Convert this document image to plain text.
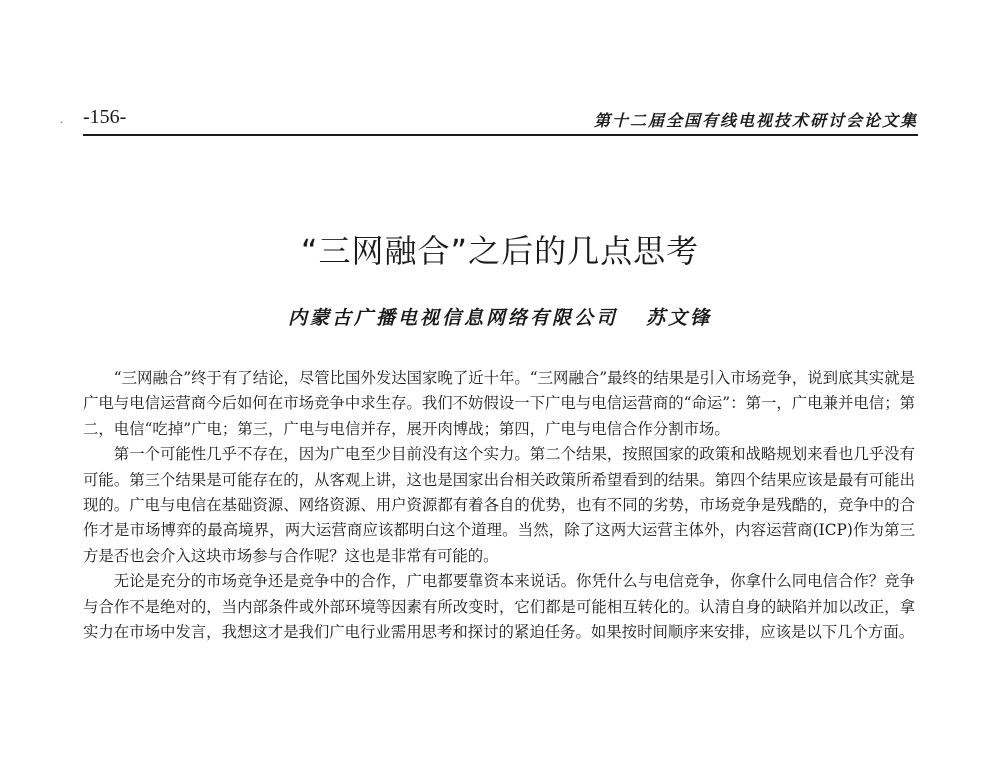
-156-	第十二届全国有线电视技术研讨会论文集
·
“三网融合”之后的几点思考
内蒙古广播电视信息网络有限公司 苏文锋

“三网融合”终于有了结论，尽管比国外发达国家晚了近十年。“三网融合”最终的结果是引入市场竞争，说到底其实就是广电与电信运营商今后如何在市场竞争中求生存。我们不妨假设一下广电与电信运营商的“命运”：第一，广电兼并电信；第二，电信“吃掉”广电；第三，广电与电信并存，展开肉博战；第四，广电与电信合作分割市场。

第一个可能性几乎不存在，因为广电至少目前没有这个实力。第二个结果，按照国家的政策和战略规划来看也几乎没有可能。第三个结果是可能存在的，从客观上讲，这也是国家出台相关政策所希望看到的结果。第四个结果应该是最有可能出现的。广电与电信在基础资源、网络资源、用户资源都有着各自的优势，也有不同的劣势，市场竞争是残酷的，竞争中的合作才是市场博弈的最高境界，两大运营商应该都明白这个道理。当然，除了这两大运营主体外，内容运营商(ICP)作为第三方是否也会介入这块市场参与合作呢？这也是非常有可能的。

无论是充分的市场竞争还是竞争中的合作，广电都要靠资本来说话。你凭什么与电信竞争，你拿什么同电信合作？竞争与合作不是绝对的，当内部条件或外部环境等因素有所改变时，它们都是可能相互转化的。认清自身的缺陷并加以改正，拿实力在市场中发言，我想这才是我们广电行业需用思考和探讨的紧迫任务。如果按时间顺序来安排，应该是以下几个方面。
